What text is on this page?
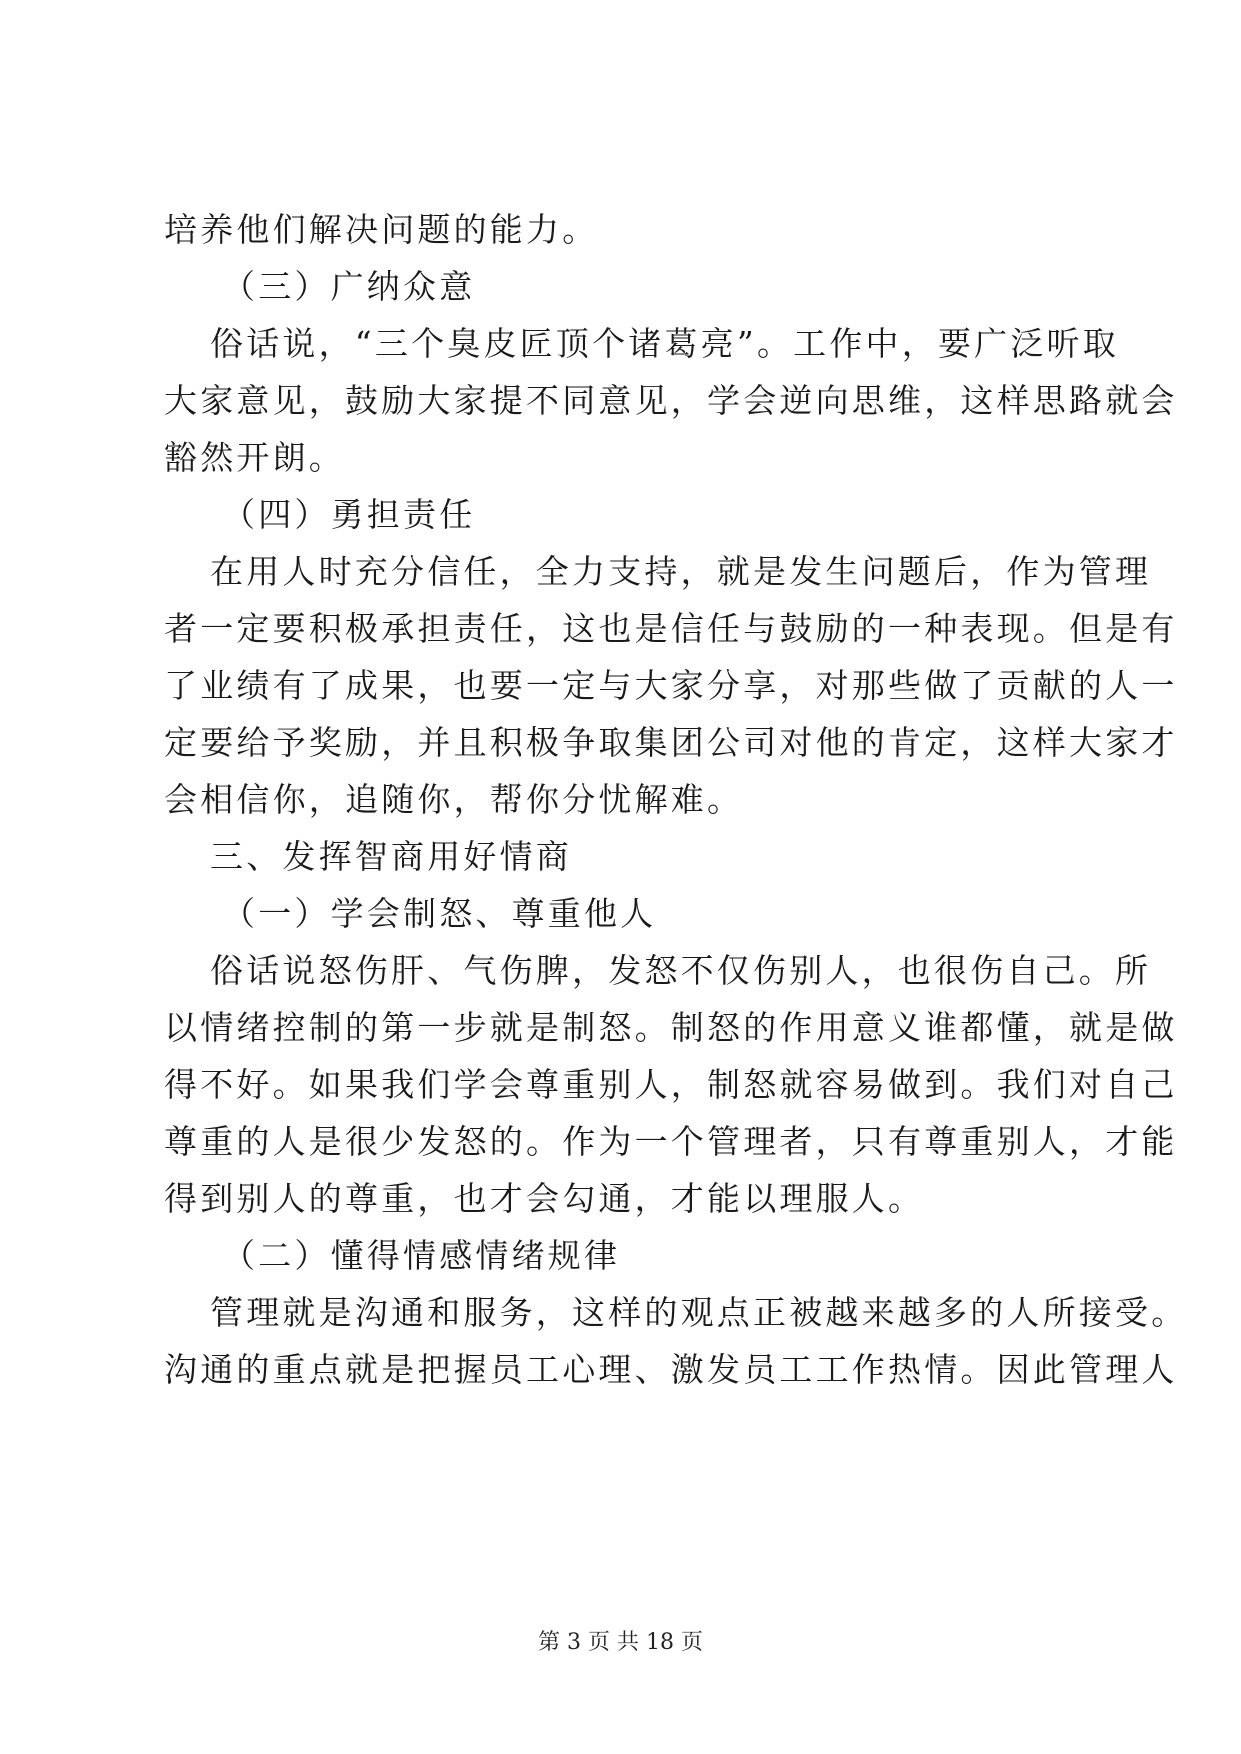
培养他们解决问题的能力。
（三）广纳众意
俗话说，“三个臭皮匠顶个诸葛亮”。工作中，要广泛听取
大家意见，鼓励大家提不同意见，学会逆向思维，这样思路就会
豁然开朗。
（四）勇担责任
在用人时充分信任，全力支持，就是发生问题后，作为管理
者一定要积极承担责任，这也是信任与鼓励的一种表现。但是有
了业绩有了成果，也要一定与大家分享，对那些做了贡献的人一
定要给予奖励，并且积极争取集团公司对他的肯定，这样大家才
会相信你，追随你，帮你分忧解难。
三、发挥智商用好情商
（一）学会制怒、尊重他人
俗话说怒伤肝、气伤脾，发怒不仅伤别人，也很伤自己。所
以情绪控制的第一步就是制怒。制怒的作用意义谁都懂，就是做
得不好。如果我们学会尊重别人，制怒就容易做到。我们对自己
尊重的人是很少发怒的。作为一个管理者，只有尊重别人，才能
得到别人的尊重，也才会勾通，才能以理服人。
（二）懂得情感情绪规律
管理就是沟通和服务，这样的观点正被越来越多的人所接受。
沟通的重点就是把握员工心理、激发员工工作热情。因此管理人
第 3 页 共 18 页
